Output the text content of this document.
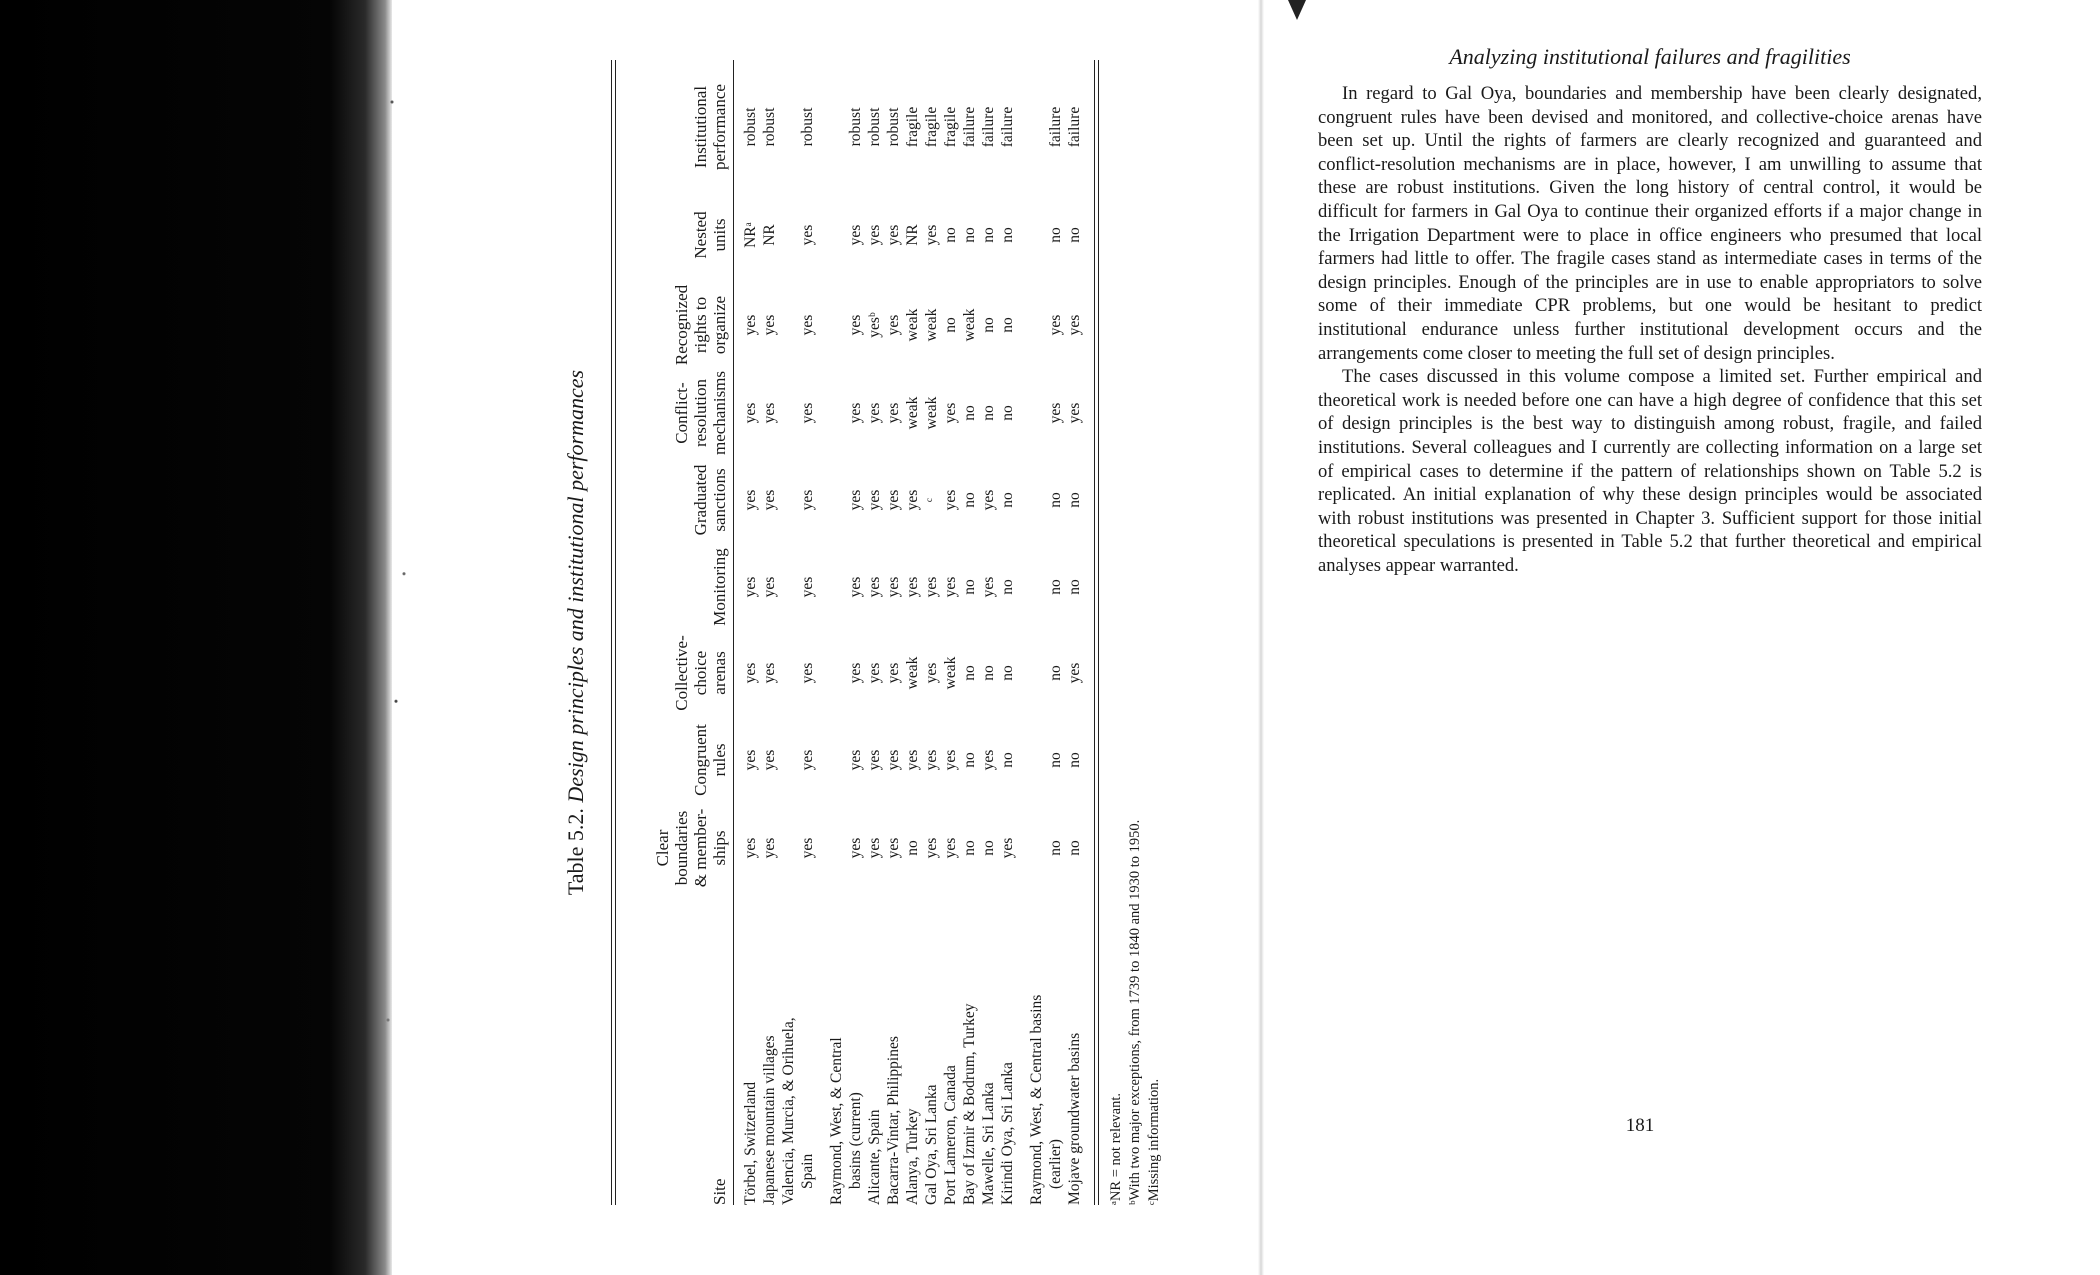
Table 5.2. Design principles and institutional performances
Site
Clear
boundaries
& member-
ships
Congruent
rules
Collective-
choice
arenas
Monitoring
Graduated
sanctions
Conflict-
resolution
mechanisms
Recognized
rights to
organize
Nested
units
Institutional
performance
Törbel, Switzerland
yes
yes
yes
yes
yes
yes
yes
NRᵃ
robust
Japanese mountain villages
yes
yes
yes
yes
yes
yes
yes
NR
robust
Valencia, Murcia, & Orihuela, Spain
yes
yes
yes
yes
yes
yes
yes
yes
robust
Raymond, West, & Central basins (current)
yes
yes
yes
yes
yes
yes
yes
yes
robust
Alicante, Spain
yes
yes
yes
yes
yes
yes
yesᵇ
yes
robust
Bacarra-Vintar, Philippines
yes
yes
yes
yes
yes
yes
yes
yes
robust
Alanya, Turkey
no
yes
weak
yes
yes
weak
weak
NR
fragile
Gal Oya, Sri Lanka
yes
yes
yes
yes
ᶜ
weak
weak
yes
fragile
Port Lameron, Canada
yes
yes
weak
yes
yes
yes
no
no
fragile
Bay of Izmir & Bodrum, Turkey
no
no
no
no
no
no
weak
no
failure
Mawelle, Sri Lanka
no
yes
no
yes
yes
no
no
no
failure
Kirindi Oya, Sri Lanka
yes
no
no
no
no
no
no
no
failure
Raymond, West, & Central basins (earlier)
no
no
no
no
no
yes
yes
no
failure
Mojave groundwater basins
no
no
yes
no
no
yes
yes
no
failure
ᵃNR = not relevant. ᵇWith two major exceptions, from 1739 to 1840 and 1930 to 1950. ᶜMissing information.
Analyzing institutional failures and fragilities

In regard to Gal Oya, boundaries and membership have been clearly designated, congruent rules have been devised and monitored, and collective-choice arenas have been set up. Until the rights of farmers are clearly recognized and guaranteed and conflict-resolution mechanisms are in place, however, I am unwilling to assume that these are robust institutions. Given the long history of central control, it would be difficult for farmers in Gal Oya to continue their organized efforts if a major change in the Irrigation Department were to place in office engineers who presumed that local farmers had little to offer. The fragile cases stand as intermediate cases in terms of the design principles. Enough of the principles are in use to enable appropriators to solve some of their immediate CPR problems, but one would be hesitant to predict institutional endurance unless further institutional development occurs and the arrangements come closer to meeting the full set of design principles.

The cases discussed in this volume compose a limited set. Further empirical and theoretical work is needed before one can have a high degree of confidence that this set of design principles is the best way to distinguish among robust, fragile, and failed institutions. Several colleagues and I currently are collecting information on a large set of empirical cases to determine if the pattern of relationships shown on Table 5.2 is replicated. An initial explanation of why these design principles would be associated with robust institutions was presented in Chapter 3. Sufficient support for those initial theoretical speculations is presented in Table 5.2 that further theoretical and empirical analyses appear warranted.

181
